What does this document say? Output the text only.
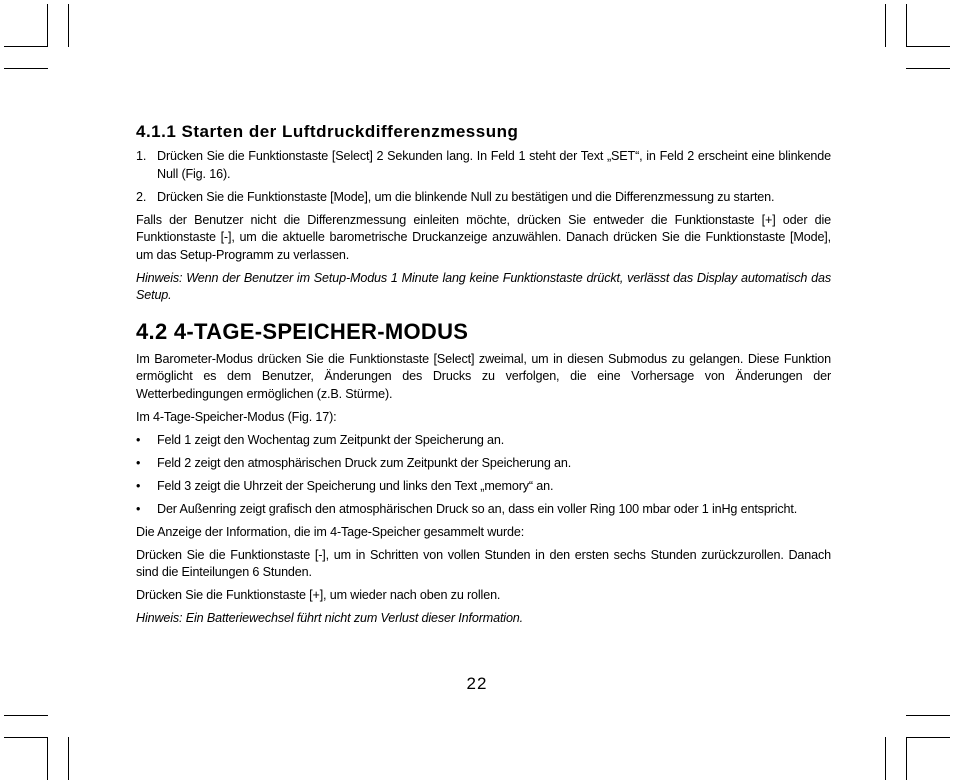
4.1.1 Starten der Luftdruckdifferenzmessung
1. Drücken Sie die Funktionstaste [Select] 2 Sekunden lang. In Feld 1 steht der Text „SET“, in Feld 2 erscheint eine blinkende Null (Fig. 16).
2. Drücken Sie die Funktionstaste [Mode], um die blinkende Null zu bestätigen und die Differenzmessung zu starten.

Falls der Benutzer nicht die Differenzmessung einleiten möchte, drücken Sie entweder die Funktionstaste [+] oder die Funktionstaste [-], um die aktuelle barometrische Druckanzeige anzuwählen. Danach drücken Sie die Funktionstaste [Mode], um das Setup-Programm zu verlassen.

Hinweis: Wenn der Benutzer im Setup-Modus 1 Minute lang keine Funktionstaste drückt, verlässt das Display automatisch das Setup.

4.2 4-TAGE-SPEICHER-MODUS

Im Barometer-Modus drücken Sie die Funktionstaste [Select] zweimal, um in diesen Submodus zu gelangen. Diese Funktion ermöglicht es dem Benutzer, Änderungen des Drucks zu verfolgen, die eine Vorhersage von Änderungen der Wetterbedingungen ermöglichen (z.B. Stürme).

Im 4-Tage-Speicher-Modus (Fig. 17):

• Feld 1 zeigt den Wochentag zum Zeitpunkt der Speicherung an.
• Feld 2 zeigt den atmosphärischen Druck zum Zeitpunkt der Speicherung an.
• Feld 3 zeigt die Uhrzeit der Speicherung und links den Text „memory“ an.
• Der Außenring zeigt grafisch den atmosphärischen Druck so an, dass ein voller Ring 100 mbar oder 1 inHg entspricht.

Die Anzeige der Information, die im 4-Tage-Speicher gesammelt wurde:

Drücken Sie die Funktionstaste [-], um in Schritten von vollen Stunden in den ersten sechs Stunden zurückzurollen. Danach sind die Einteilungen 6 Stunden.

Drücken Sie die Funktionstaste [+], um wieder nach oben zu rollen.

Hinweis: Ein Batteriewechsel führt nicht zum Verlust dieser Information.

22
